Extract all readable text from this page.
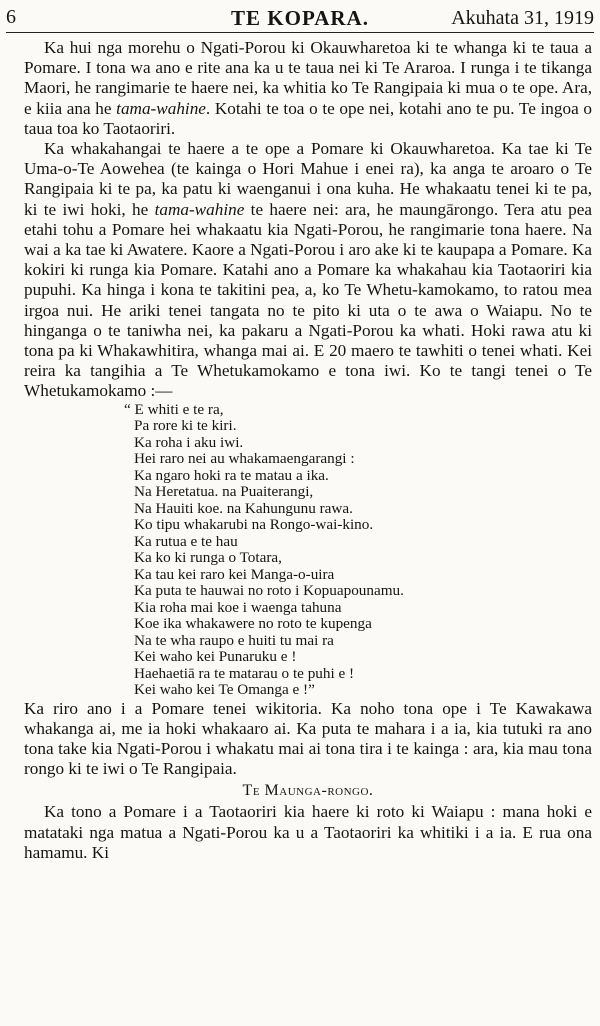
6	TE KOPARA.	Akuhata 31, 1919

Ka hui nga morehu o Ngati-Porou ki Okauwharetoa ki te whanga ki te taua a Pomare. I tona wa ano e rite ana ka u te taua nei ki Te Araroa. I runga i te tikanga Maori, he rangimarie te haere nei, ka whitia ko Te Rangipaia ki mua o te ope. Ara, e kiia ana he tama-wahine. Kotahi te toa o te ope nei, kotahi ano te pu. Te ingoa o taua toa ko Taotaoriri.

Ka whakahangai te haere a te ope a Pomare ki Okauwharetoa. Ka tae ki Te Uma-o-Te Aowehea (te kainga o Hori Mahue i enei ra), ka anga te aroaro o Te Rangipaia ki te pa, ka patu ki waenganui i ona kuha. He whakaatu tenei ki te pa, ki te iwi hoki, he tama-wahine te haere nei: ara, he maungārongo. Tera atu pea etahi tohu a Pomare hei whakaatu kia Ngati-Porou, he rangimarie tona haere. Na wai a ka tae ki Awatere. Kaore a Ngati-Porou i aro ake ki te kaupapa a Pomare. Ka kokiri ki runga kia Pomare. Katahi ano a Pomare ka whakahau kia Taotaoriri kia pupuhi. Ka hinga i kona te takitini pea, a, ko Te Whetu-kamokamo, to ratou mea irgoa nui. He ariki tenei tangata no te pito ki uta o te awa o Waiapu. No te hinganga o te taniwha nei, ka pakaru a Ngati-Porou ka whati. Hoki rawa atu ki tona pa ki Whakawhitira, whanga mai ai. E 20 maero te tawhiti o tenei whati. Kei reira ka tangihia a Te Whetukamokamo e tona iwi. Ko te tangi tenei o Te Whetukamokamo :—

“ E whiti e te ra,
Pa rore ki te kiri.
Ka roha i aku iwi.
Hei raro nei au whakamaengarangi :
Ka ngaro hoki ra te matau a ika.
Na Heretatua. na Puaiterangi,
Na Hauiti koe. na Kahungunu rawa.
Ko tipu whakarubi na Rongo-wai-kino.
Ka rutua e te hau
Ka ko ki runga o Totara,
Ka tau kei raro kei Manga-o-uira
Ka puta te hauwai no roto i Kopuapounamu.
Kia roha mai koe i waenga tahuna
Koe ika whakawere no roto te kupenga
Na te wha raupo e huiti tu mai ra
Kei waho kei Punaruku e !
Haehaetiā ra te matarau o te puhi e !
Kei waho kei Te Omanga e !”

Ka riro ano i a Pomare tenei wikitoria. Ka noho tona ope i Te Kawakawa whakanga ai, me ia hoki whakaaro ai. Ka puta te mahara i a ia, kia tutuki ra ano tona take kia Ngati-Porou i whakatu mai ai tona tira i te kainga : ara, kia mau tona rongo ki te iwi o Te Rangipaia.

Te Maunga-rongo.

Ka tono a Pomare i a Taotaoriri kia haere ki roto ki Waiapu : mana hoki e matataki nga matua a Ngati-Porou ka u a Taotaoriri ka whitiki i a ia. E rua ona hamamu. Ki
